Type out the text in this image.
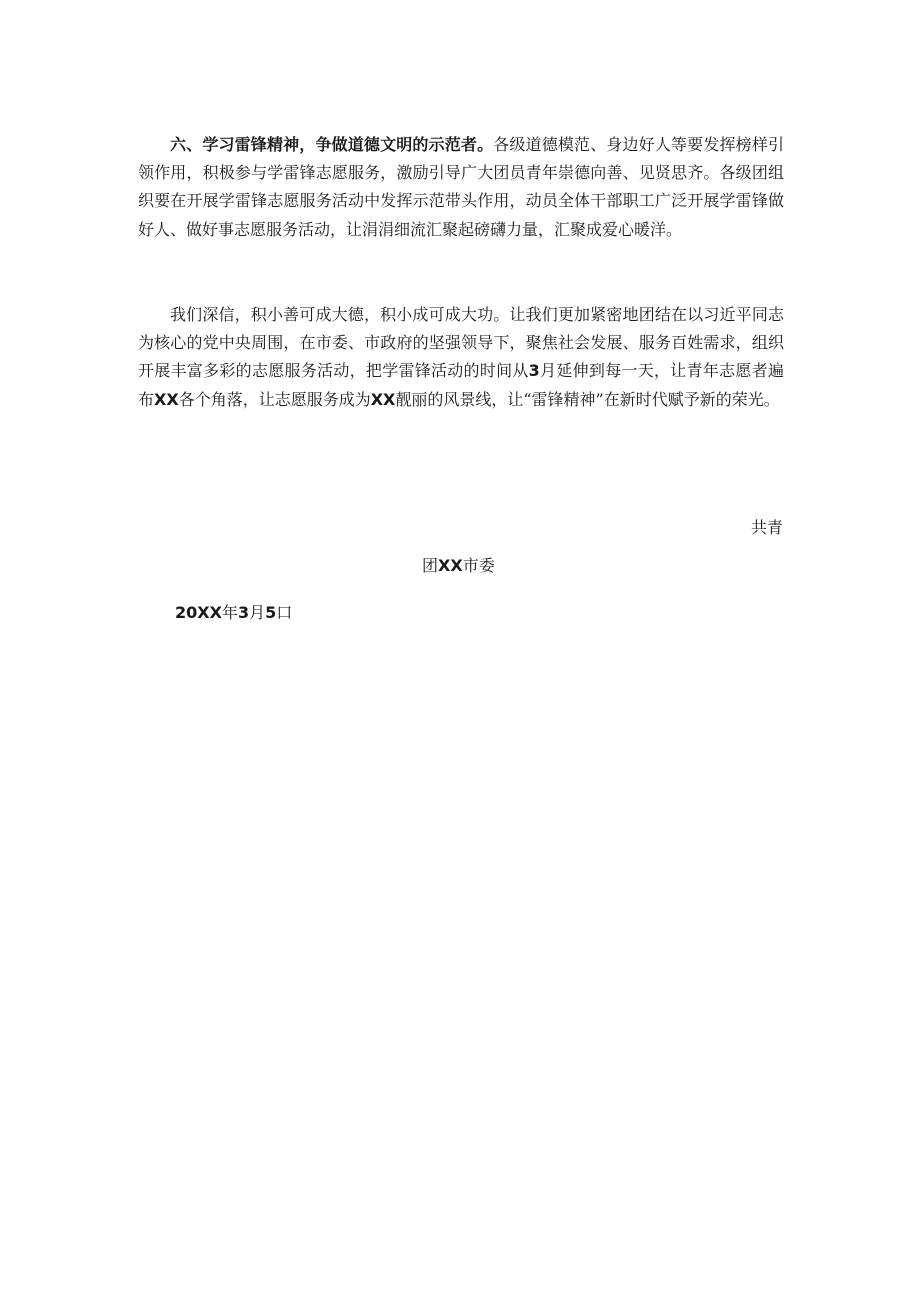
六、学习雷锋精神，争做道德文明的示范者。各级道德模范、身边好人等要发挥榜样引领作用，积极参与学雷锋志愿服务，激励引导广大团员青年崇德向善、见贤思齐。各级团组织要在开展学雷锋志愿服务活动中发挥示范带头作用，动员全体干部职工广泛开展学雷锋做好人、做好事志愿服务活动，让涓涓细流汇聚起磅礴力量，汇聚成爱心暖洋。

我们深信，积小善可成大德，积小成可成大功。让我们更加紧密地团结在以习近平同志为核心的党中央周围，在市委、市政府的坚强领导下，聚焦社会发展、服务百姓需求，组织开展丰富多彩的志愿服务活动，把学雷锋活动的时间从3月延伸到每一天，让青年志愿者遍布XX各个角落，让志愿服务成为XX靓丽的风景线，让“雷锋精神”在新时代赋予新的荣光。

共青

团XX市委

20XX年3月5口
